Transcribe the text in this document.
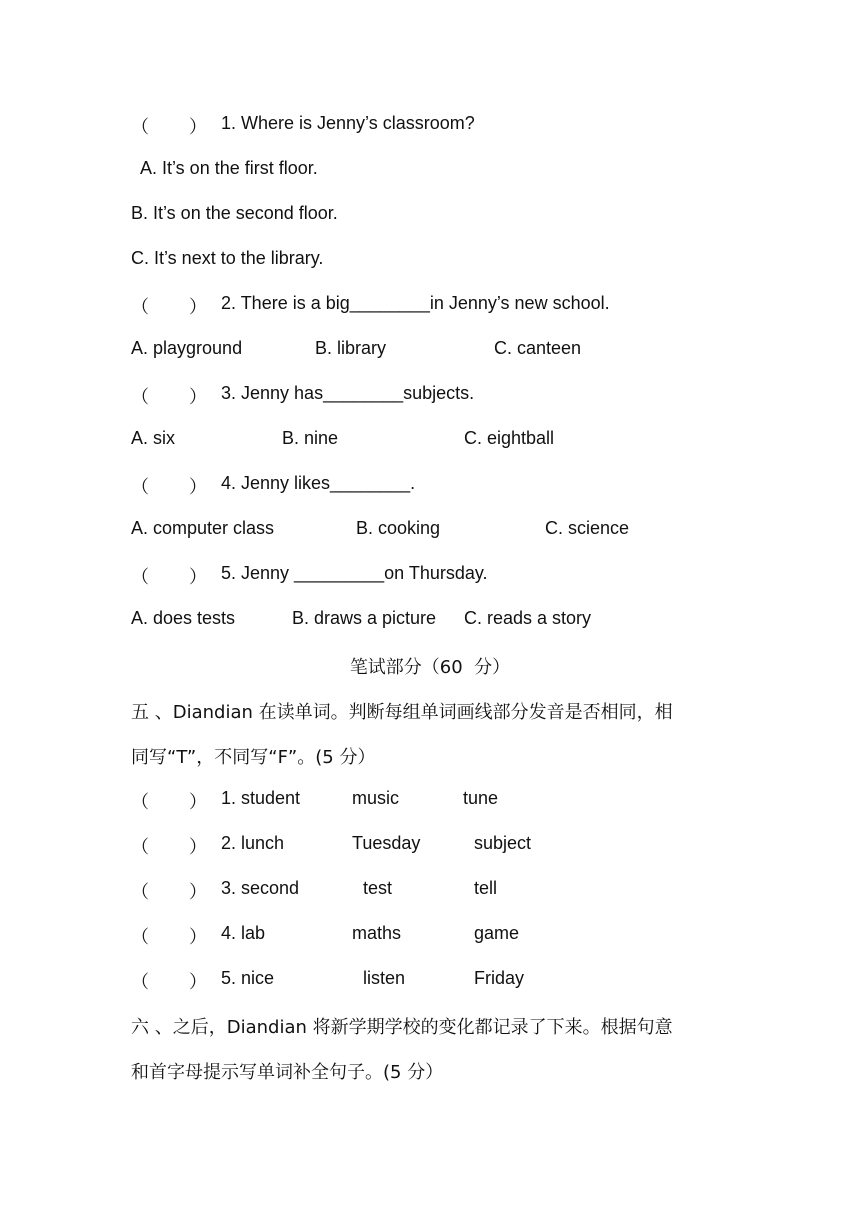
（        ） 1. Where is Jenny’s classroom?
A. It’s on the first floor.
B. It’s on the second floor.
C. It’s next to the library.
（        ） 2. There is a big________in Jenny’s new school.
A. playground	B. library	C. canteen
（        ） 3. Jenny has________subjects.
A. six	B. nine	C. eightball
（        ） 4. Jenny likes________.
A. computer class	B. cooking	C. science
（        ） 5. Jenny _________on Thursday.
A. does tests	B. draws a picture C. reads a story
笔试部分（60  分）
五 、Diandian 在读单词。判断每组单词画线部分发音是否相同，相
同写“T”，不同写“F”。(5 分）
（        ） 1. student	music	tune
（        ） 2. lunch	Tuesday	subject
（        ） 3. second	test	tell
（        ） 4. lab	maths	game
（        ） 5. nice	listen	Friday
六 、之后，Diandian 将新学期学校的变化都记录了下来。根据句意
和首字母提示写单词补全句子。(5 分）
